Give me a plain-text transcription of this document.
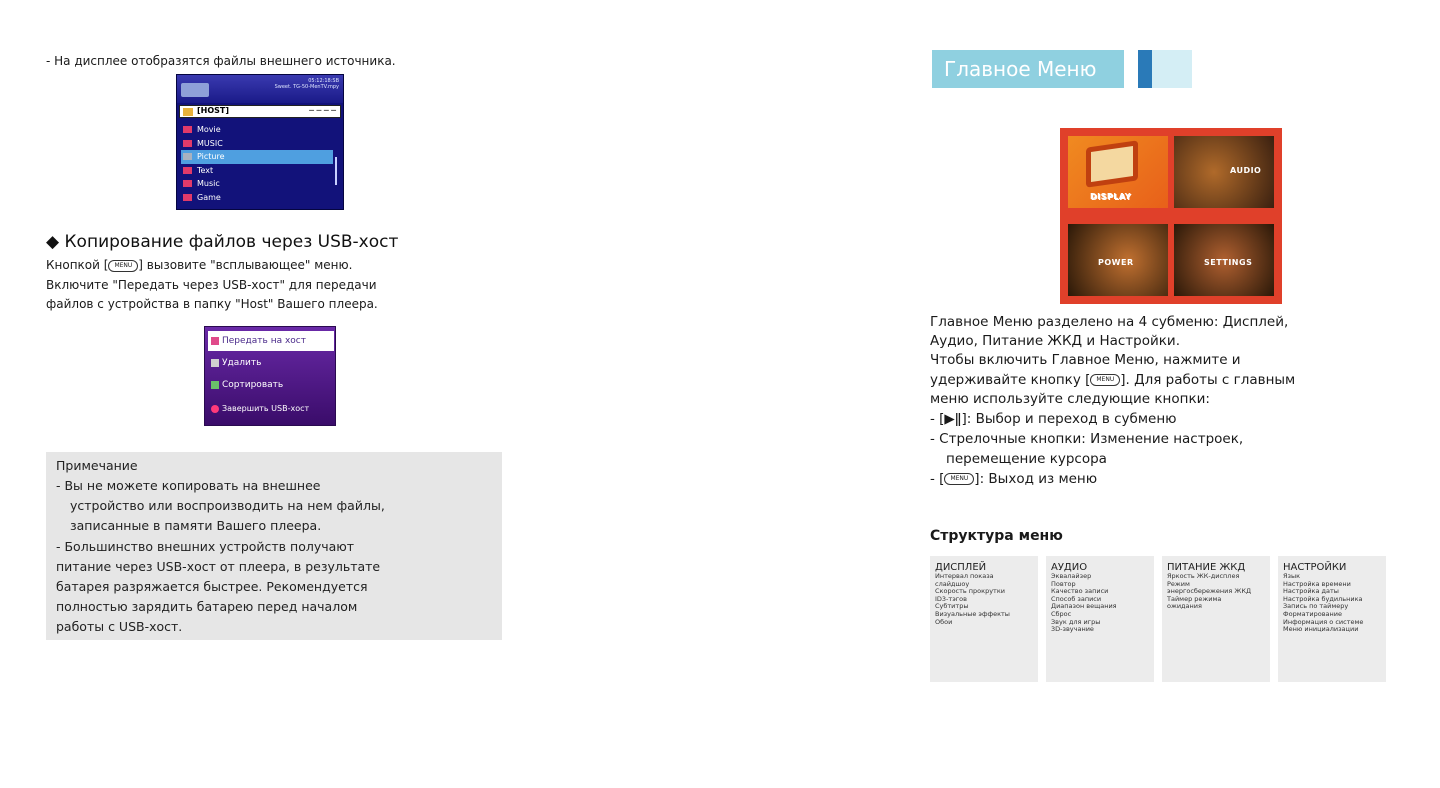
- На дисплее отобразятся файлы внешнего источника.
05:12:18:SB
Sweet. TG-50-MenTV.mpy
[HOST]	─ ─ ─ ─
Movie
MUSIC
Picture
Text
Music
Game
◆ Копирование файлов через USB-хост
Кнопкой [ MENU ] вызовите "всплывающее" меню.
Включите "Передать через USB-хост" для передачи
файлов с устройства в папку "Host" Вашего плеера.
Передать на хост
Удалить
Сортировать
Завершить USB-хост
Примечание
- Вы не можете копировать на внешнее
устройство или воспроизводить на нем файлы,
записанные в памяти Вашего плеера.
- Большинство внешних устройств получают
питание через USB-хост от плеера, в результате
батарея разряжается быстрее. Рекомендуется
полностью зарядить батарею перед началом
работы с USB-хост.
Главное Меню
DISPLAY
AUDIO
POWER	SETTINGS
Главное Меню разделено на 4 субменю: Дисплей,
Аудио, Питание ЖКД и Настройки.
Чтобы включить Главное Меню, нажмите и
удерживайте кнопку [ MENU ]. Для работы с главным
меню используйте следующие кнопки:
- [▶ǁ]: Выбор и переход в субменю
- Стрелочные кнопки: Изменение настроек,
перемещение курсора
- [ MENU ]: Выход из меню
Структура меню
ДИСПЛЕЙ
Интервал показа
слайдшоу
Скорость прокрутки
ID3-тэгов
Субтитры
Визуальные эффекты
Обои
АУДИО
Эквалайзер
Повтор
Качество записи
Способ записи
Диапазон вещания
Сброс
Звук для игры
3D-звучание
ПИТАНИЕ ЖКД
Яркость ЖК-дисплея
Режим
энергосбережения ЖКД
Таймер режима
ожидания
НАСТРОЙКИ
Язык
Настройка времени
Настройка даты
Настройка будильника
Запись по таймеру
Форматирование
Информация о системе
Меню инициализации
